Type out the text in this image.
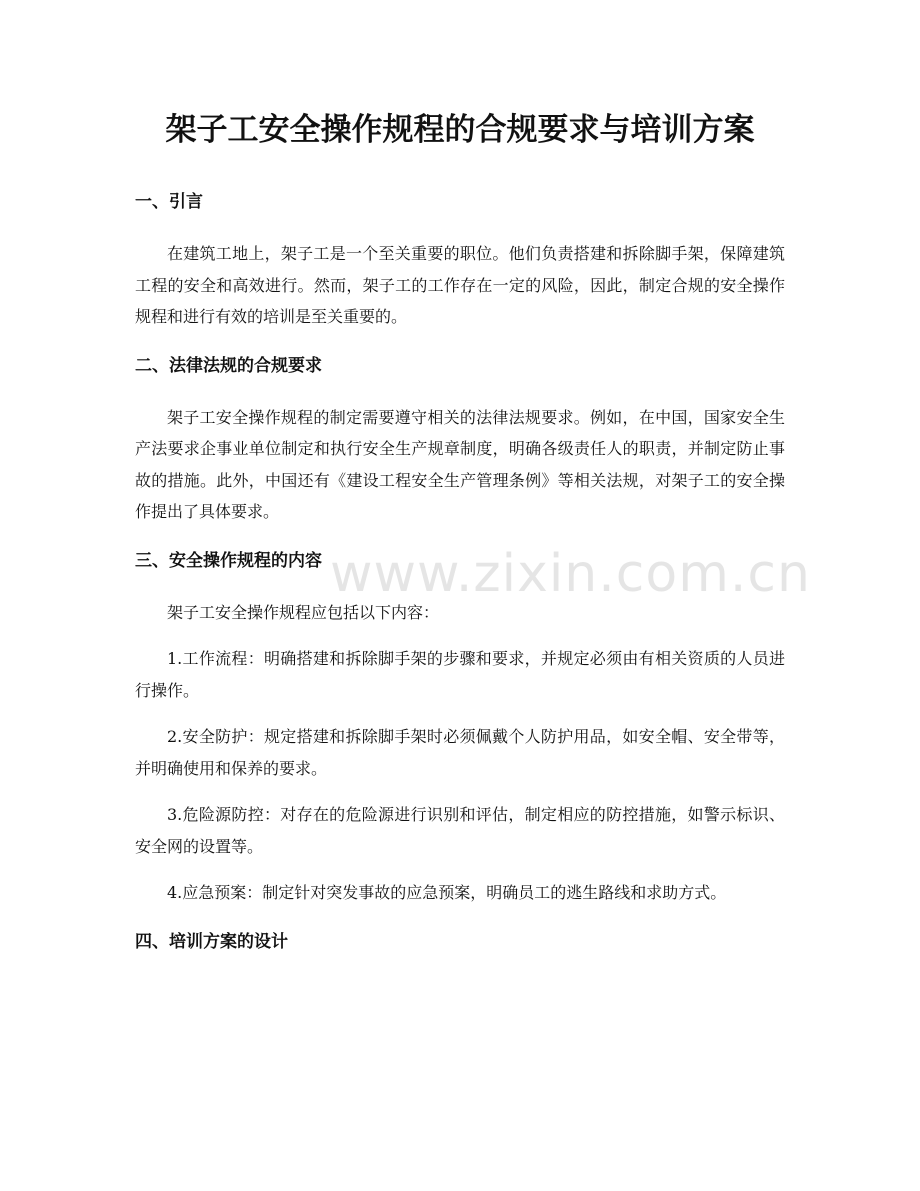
架子工安全操作规程的合规要求与培训方案
一、引言

在建筑工地上，架子工是一个至关重要的职位。他们负责搭建和拆除脚手架，保障建筑工程的安全和高效进行。然而，架子工的工作存在一定的风险，因此，制定合规的安全操作规程和进行有效的培训是至关重要的。

二、法律法规的合规要求

架子工安全操作规程的制定需要遵守相关的法律法规要求。例如，在中国，国家安全生产法要求企事业单位制定和执行安全生产规章制度，明确各级责任人的职责，并制定防止事故的措施。此外，中国还有《建设工程安全生产管理条例》等相关法规，对架子工的安全操作提出了具体要求。

三、安全操作规程的内容

架子工安全操作规程应包括以下内容：

1.工作流程：明确搭建和拆除脚手架的步骤和要求，并规定必须由有相关资质的人员进行操作。

2.安全防护：规定搭建和拆除脚手架时必须佩戴个人防护用品，如安全帽、安全带等，并明确使用和保养的要求。

3.危险源防控：对存在的危险源进行识别和评估，制定相应的防控措施，如警示标识、安全网的设置等。

4.应急预案：制定针对突发事故的应急预案，明确员工的逃生路线和求助方式。

四、培训方案的设计
www.zixin.com.cn
